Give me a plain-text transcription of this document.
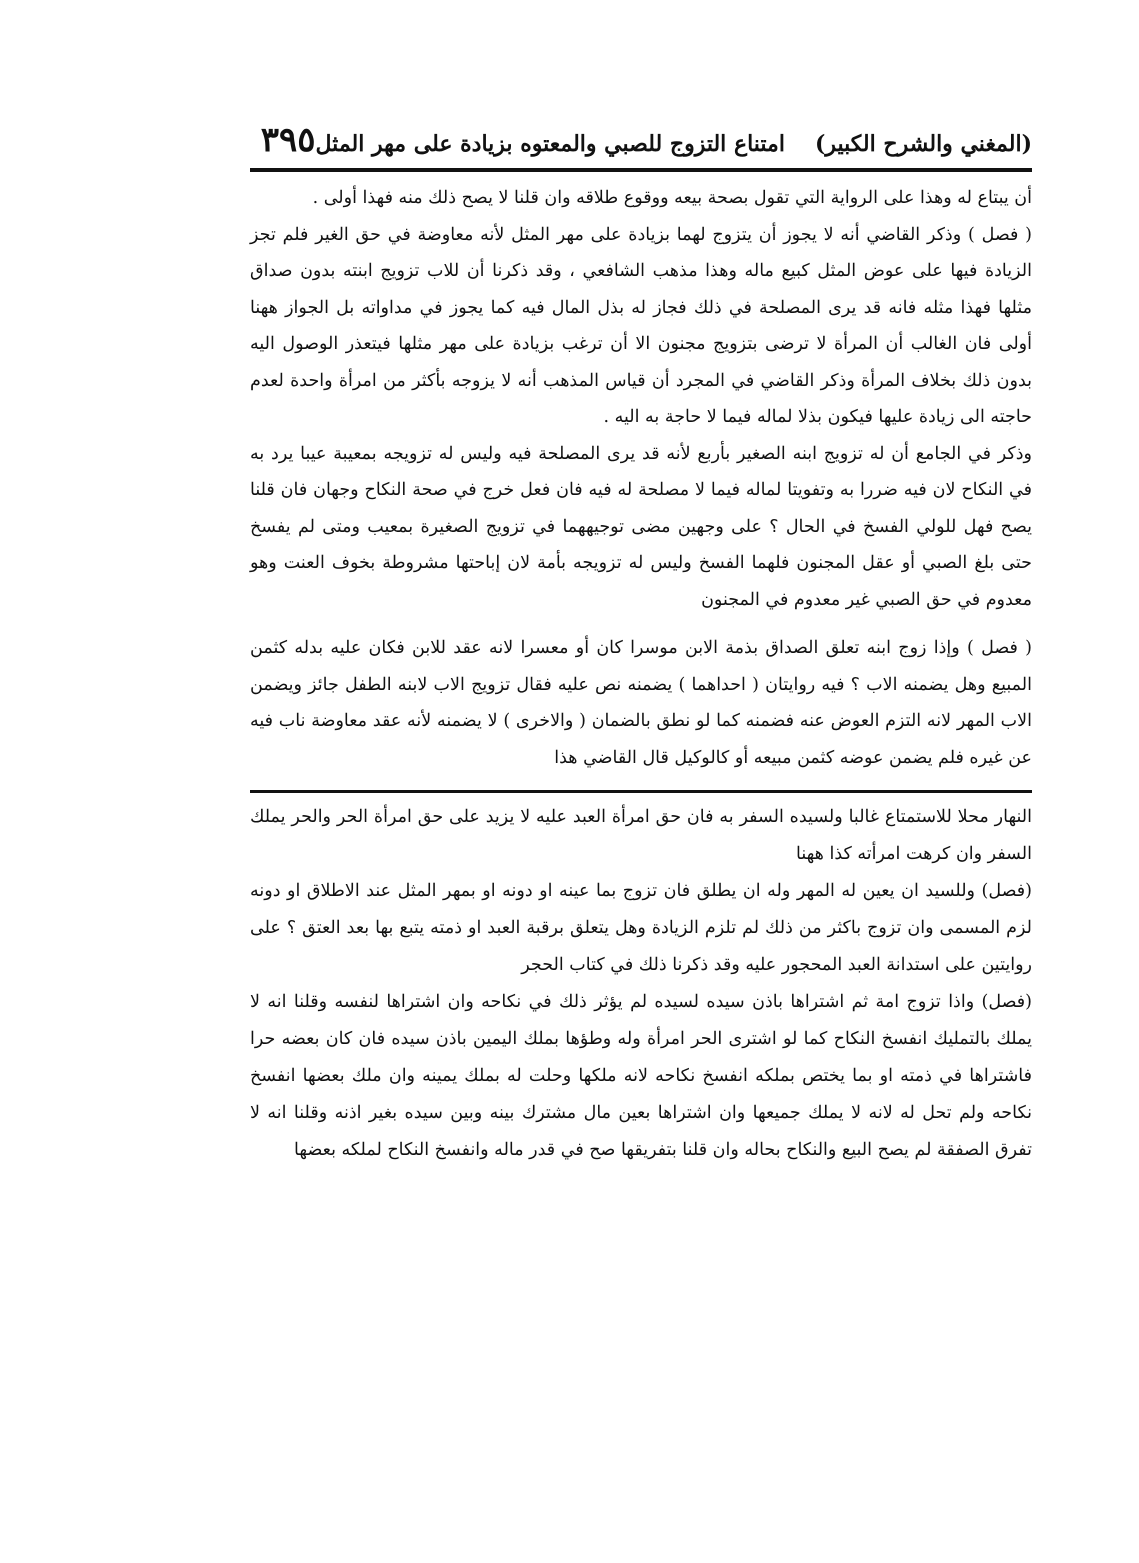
(المغني والشرح الكبير)
امتناع التزوج للصبي والمعتوه بزيادة على مهر المثل
٣٩٥

أن يبتاع له وهذا على الرواية التي تقول بصحة بيعه ووقوع طلاقه وان قلنا لا يصح ذلك منه فهذا أولى .

( فصل ) وذكر القاضي أنه لا يجوز أن يتزوج لهما بزيادة على مهر المثل لأنه معاوضة في حق الغير فلم تجز الزيادة فيها على عوض المثل كبيع ماله وهذا مذهب الشافعي ، وقد ذكرنا أن للاب تزويج ابنته بدون صداق مثلها فهذا مثله فانه قد يرى المصلحة في ذلك فجاز له بذل المال فيه كما يجوز في مداواته بل الجواز ههنا أولى فان الغالب أن المرأة لا ترضى بتزويج مجنون الا أن ترغب بزيادة على مهر مثلها فيتعذر الوصول اليه بدون ذلك بخلاف المرأة وذكر القاضي في المجرد أن قياس المذهب أنه لا يزوجه بأكثر من امرأة واحدة لعدم حاجته الى زيادة عليها فيكون بذلا لماله فيما لا حاجة به اليه .

وذكر في الجامع أن له تزويج ابنه الصغير بأربع لأنه قد يرى المصلحة فيه وليس له تزويجه بمعيبة عيبا يرد به في النكاح لان فيه ضررا به وتفويتا لماله فيما لا مصلحة له فيه فان فعل خرج في صحة النكاح وجهان فان قلنا يصح فهل للولي الفسخ في الحال ؟ على وجهين مضى توجيههما في تزويج الصغيرة بمعيب ومتى لم يفسخ حتى بلغ الصبي أو عقل المجنون فلهما الفسخ وليس له تزويجه بأمة لان إباحتها مشروطة بخوف العنت وهو معدوم في حق الصبي غير معدوم في المجنون

( فصل ) وإذا زوج ابنه تعلق الصداق بذمة الابن موسرا كان أو معسرا لانه عقد للابن فكان عليه بدله كثمن المبيع وهل يضمنه الاب ؟ فيه روايتان ( احداهما ) يضمنه نص عليه فقال تزويج الاب لابنه الطفل جائز ويضمن الاب المهر لانه التزم العوض عنه فضمنه كما لو نطق بالضمان ( والاخرى ) لا يضمنه لأنه عقد معاوضة ناب فيه عن غيره فلم يضمن عوضه كثمن مبيعه أو كالوكيل قال القاضي هذا

النهار محلا للاستمتاع غالبا ولسيده السفر به فان حق امرأة العبد عليه لا يزيد على حق امرأة الحر والحر يملك السفر وان كرهت امرأته كذا ههنا

(فصل) وللسيد ان يعين له المهر وله ان يطلق فان تزوج بما عينه او دونه او بمهر المثل عند الاطلاق او دونه لزم المسمى وان تزوج باكثر من ذلك لم تلزم الزيادة وهل يتعلق برقبة العبد او ذمته يتبع بها بعد العتق ؟ على روايتين على استدانة العبد المحجور عليه وقد ذكرنا ذلك في كتاب الحجر

(فصل) واذا تزوج امة ثم اشتراها باذن سيده لسيده لم يؤثر ذلك في نكاحه وان اشتراها لنفسه وقلنا انه لا يملك بالتمليك انفسخ النكاح كما لو اشترى الحر امرأة وله وطؤها بملك اليمين باذن سيده فان كان بعضه حرا فاشتراها في ذمته او بما يختص بملكه انفسخ نكاحه لانه ملكها وحلت له بملك يمينه وان ملك بعضها انفسخ نكاحه ولم تحل له لانه لا يملك جميعها وان اشتراها بعين مال مشترك بينه وبين سيده بغير اذنه وقلنا انه لا تفرق الصفقة لم يصح البيع والنكاح بحاله وان قلنا بتفريقها صح في قدر ماله وانفسخ النكاح لملكه بعضها
